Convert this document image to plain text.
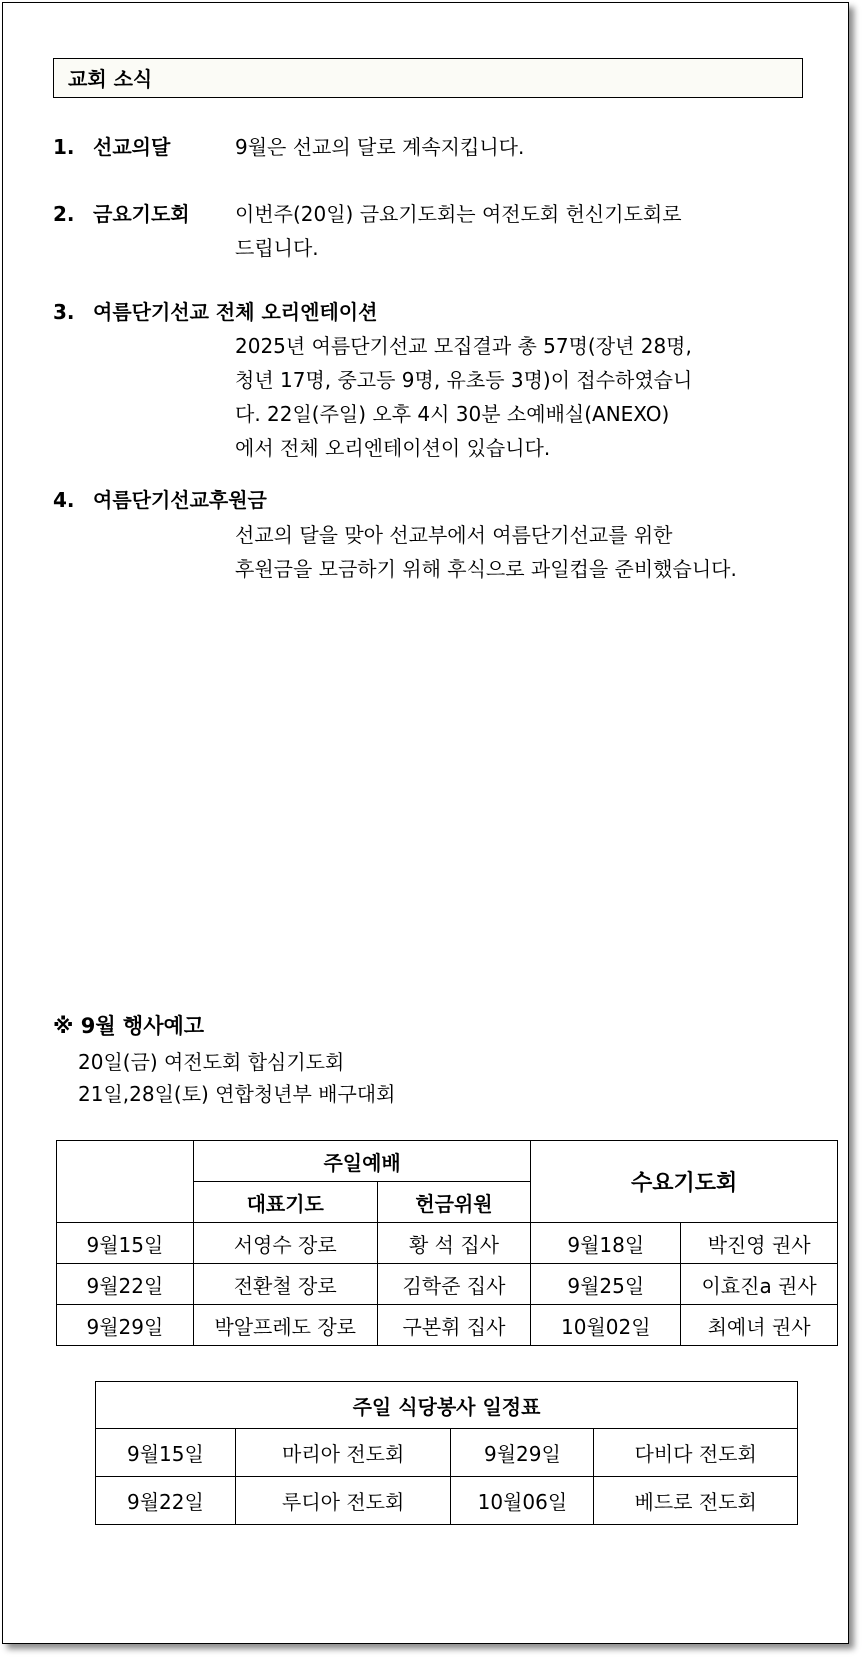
교회 소식
1. 선교의달	9월은 선교의 달로 계속지킵니다.
2. 금요기도회 이번주(20일) 금요기도회는 여전도회 헌신기도회로
드립니다.
3. 여름단기선교 전체 오리엔테이션
2025년 여름단기선교 모집결과 총 57명(장년 28명,
청년 17명, 중고등 9명, 유초등 3명)이 접수하였습니
다. 22일(주일) 오후 4시 30분 소예배실(ANEXO)
에서 전체 오리엔테이션이 있습니다.
4. 여름단기선교후원금
선교의 달을 맞아 선교부에서 여름단기선교를 위한
후원금을 모금하기 위해 후식으로 과일컵을 준비했습니다.
※ 9월 행사예고
20일(금) 여전도회 합심기도회
21일,28일(토) 연합청년부 배구대회
	주일예배		수요기도회	
	대표기도	헌금위원		
9월15일	서영수 장로	황 석 집사	9월18일	박진영 권사
9월22일	전환철 장로	김학준 집사	9월25일	이효진a 권사
9월29일	박알프레도 장로	구본휘 집사	10월02일	최예녀 권사
주일 식당봉사 일정표			
9월15일	마리아 전도회	9월29일	다비다 전도회
9월22일	루디아 전도회	10월06일	베드로 전도회
